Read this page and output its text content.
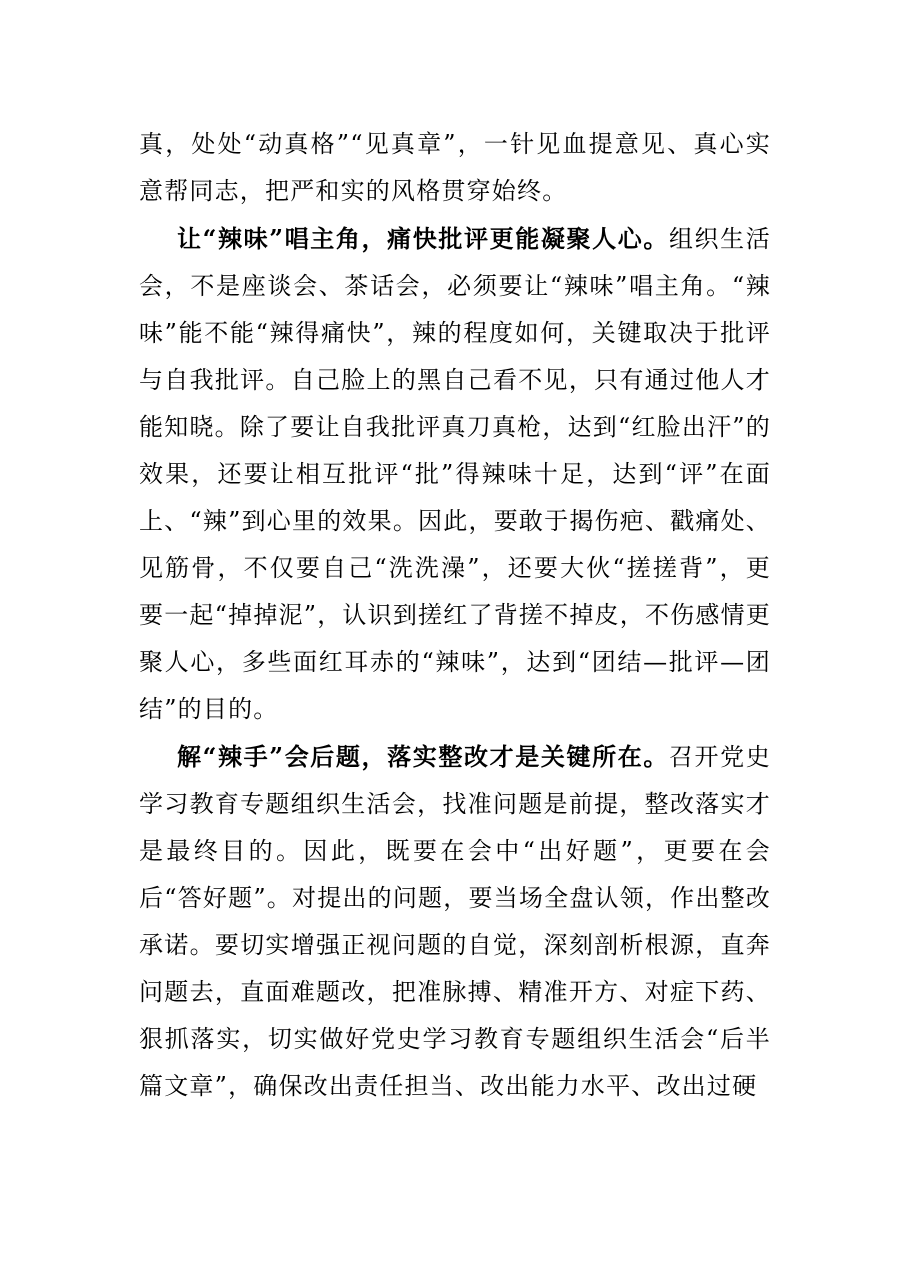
真，处处“动真格”“见真章”，一针见血提意见、真心实意帮同志，把严和实的风格贯穿始终。

让“辣味”唱主角，痛快批评更能凝聚人心。组织生活会，不是座谈会、茶话会，必须要让“辣味”唱主角。“辣味”能不能“辣得痛快”，辣的程度如何，关键取决于批评与自我批评。自己脸上的黑自己看不见，只有通过他人才能知晓。除了要让自我批评真刀真枪，达到“红脸出汗”的效果，还要让相互批评“批”得辣味十足，达到“评”在面上、“辣”到心里的效果。因此，要敢于揭伤疤、戳痛处、见筋骨，不仅要自己“洗洗澡”，还要大伙“搓搓背”，更要一起“掉掉泥”，认识到搓红了背搓不掉皮，不伤感情更聚人心，多些面红耳赤的“辣味”，达到“团结—批评—团结”的目的。

解“辣手”会后题，落实整改才是关键所在。召开党史学习教育专题组织生活会，找准问题是前提，整改落实才是最终目的。因此，既要在会中“出好题”，更要在会后“答好题”。对提出的问题，要当场全盘认领，作出整改承诺。要切实增强正视问题的自觉，深刻剖析根源，直奔问题去，直面难题改，把准脉搏、精准开方、对症下药、狠抓落实，切实做好党史学习教育专题组织生活会“后半篇文章”，确保改出责任担当、改出能力水平、改出过硬
